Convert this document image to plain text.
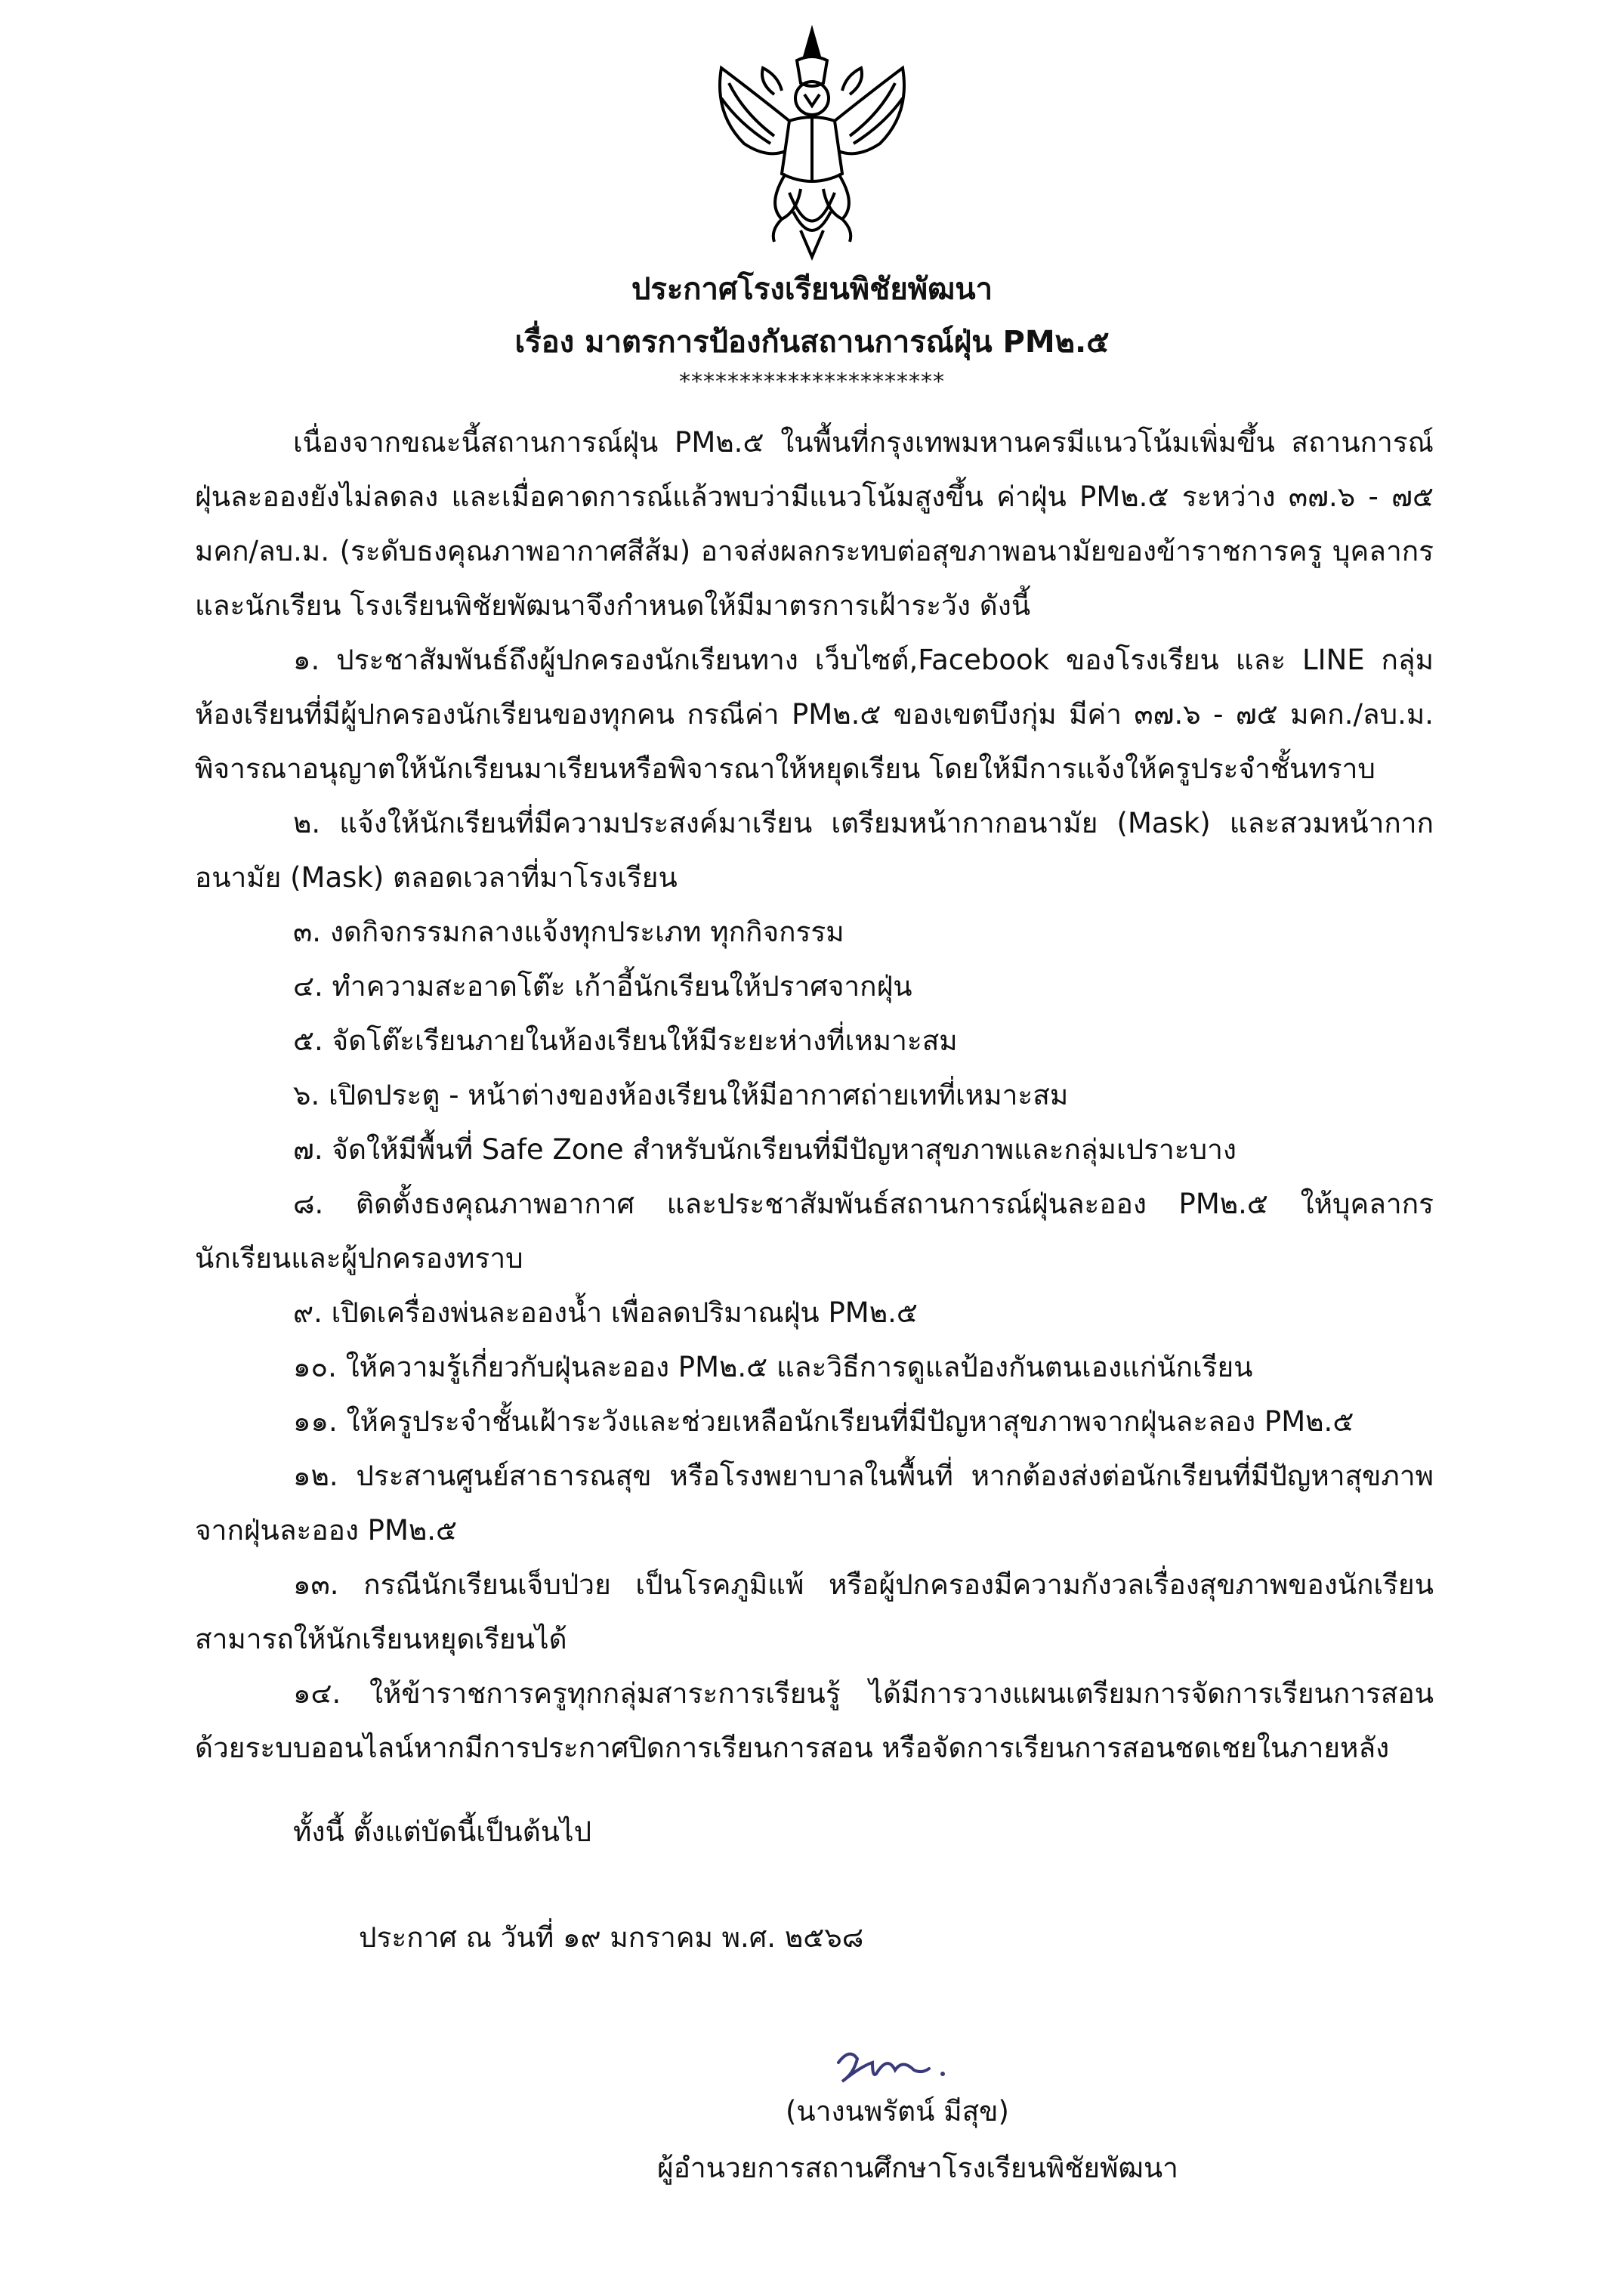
ประกาศโรงเรียนพิชัยพัฒนา
เรื่อง มาตรการป้องกันสถานการณ์ฝุ่น PM๒.๕
**********************

เนื่องจากขณะนี้สถานการณ์ฝุ่น PM๒.๕ ในพื้นที่กรุงเทพมหานครมีแนวโน้มเพิ่มขึ้น สถานการณ์ฝุ่นละอองยังไม่ลดลง และเมื่อคาดการณ์แล้วพบว่ามีแนวโน้มสูงขึ้น ค่าฝุ่น PM๒.๕ ระหว่าง ๓๗.๖ - ๗๕ มคก/ลบ.ม. (ระดับธงคุณภาพอากาศสีส้ม) อาจส่งผลกระทบต่อสุขภาพอนามัยของข้าราชการครู บุคลากร และนักเรียน โรงเรียนพิชัยพัฒนาจึงกำหนดให้มีมาตรการเฝ้าระวัง ดังนี้

๑. ประชาสัมพันธ์ถึงผู้ปกครองนักเรียนทาง เว็บไซต์,Facebook ของโรงเรียน และ LINE กลุ่มห้องเรียนที่มีผู้ปกครองนักเรียนของทุกคน กรณีค่า PM๒.๕ ของเขตบึงกุ่ม มีค่า ๓๗.๖ - ๗๕ มคก./ลบ.ม. พิจารณาอนุญาตให้นักเรียนมาเรียนหรือพิจารณาให้หยุดเรียน โดยให้มีการแจ้งให้ครูประจำชั้นทราบ

๒. แจ้งให้นักเรียนที่มีความประสงค์มาเรียน เตรียมหน้ากากอนามัย (Mask) และสวมหน้ากากอนามัย (Mask) ตลอดเวลาที่มาโรงเรียน

๓. งดกิจกรรมกลางแจ้งทุกประเภท ทุกกิจกรรม

๔. ทำความสะอาดโต๊ะ เก้าอี้นักเรียนให้ปราศจากฝุ่น

๕. จัดโต๊ะเรียนภายในห้องเรียนให้มีระยะห่างที่เหมาะสม

๖. เปิดประตู - หน้าต่างของห้องเรียนให้มีอากาศถ่ายเทที่เหมาะสม

๗. จัดให้มีพื้นที่ Safe Zone สำหรับนักเรียนที่มีปัญหาสุขภาพและกลุ่มเปราะบาง

๘. ติดตั้งธงคุณภาพอากาศ และประชาสัมพันธ์สถานการณ์ฝุ่นละออง PM๒.๕ ให้บุคลากร นักเรียนและผู้ปกครองทราบ

๙. เปิดเครื่องพ่นละอองน้ำ เพื่อลดปริมาณฝุ่น PM๒.๕

๑๐. ให้ความรู้เกี่ยวกับฝุ่นละออง PM๒.๕ และวิธีการดูแลป้องกันตนเองแก่นักเรียน

๑๑. ให้ครูประจำชั้นเฝ้าระวังและช่วยเหลือนักเรียนที่มีปัญหาสุขภาพจากฝุ่นละลอง PM๒.๕

๑๒. ประสานศูนย์สาธารณสุข หรือโรงพยาบาลในพื้นที่ หากต้องส่งต่อนักเรียนที่มีปัญหาสุขภาพจากฝุ่นละออง PM๒.๕

๑๓. กรณีนักเรียนเจ็บป่วย เป็นโรคภูมิแพ้ หรือผู้ปกครองมีความกังวลเรื่องสุขภาพของนักเรียนสามารถให้นักเรียนหยุดเรียนได้

๑๔. ให้ข้าราชการครูทุกกลุ่มสาระการเรียนรู้ ได้มีการวางแผนเตรียมการจัดการเรียนการสอนด้วยระบบออนไลน์หากมีการประกาศปิดการเรียนการสอน หรือจัดการเรียนการสอนชดเชยในภายหลัง

ทั้งนี้ ตั้งแต่บัดนี้เป็นต้นไป
ประกาศ ณ วันที่ ๑๙ มกราคม พ.ศ. ๒๕๖๘
(นางนพรัตน์ มีสุข)
ผู้อำนวยการสถานศึกษาโรงเรียนพิชัยพัฒนา
